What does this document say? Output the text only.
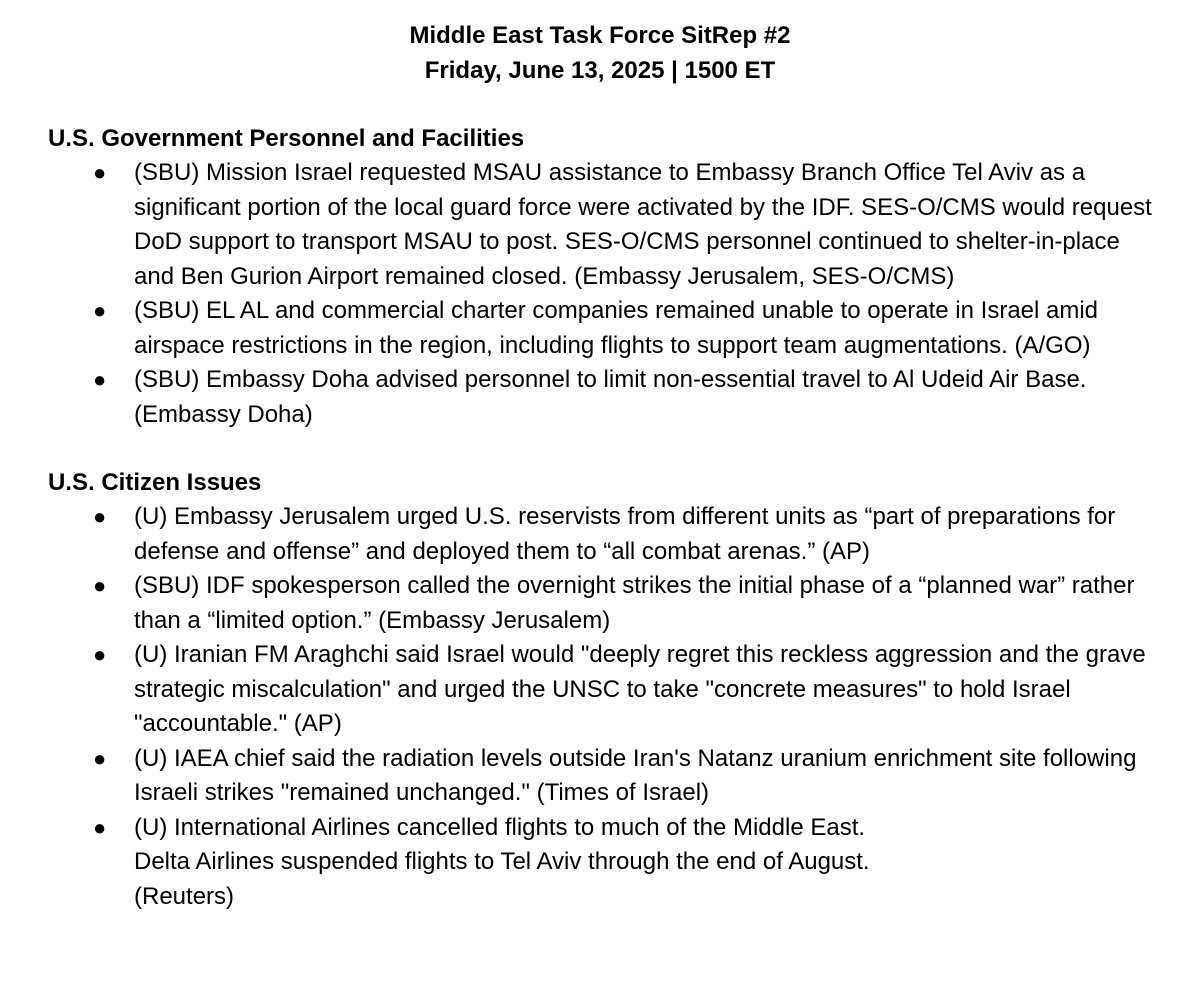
Middle East Task Force SitRep #2
Friday, June 13, 2025 | 1500 ET
U.S. Government Personnel and Facilities
● (SBU) Mission Israel requested MSAU assistance to Embassy Branch Office Tel Aviv as a significant portion of the local guard force were activated by the IDF. SES-O/CMS would request DoD support to transport MSAU to post. SES-O/CMS personnel continued to shelter-in-place and Ben Gurion Airport remained closed. (Embassy Jerusalem, SES-O/CMS)
● (SBU) EL AL and commercial charter companies remained unable to operate in Israel amid airspace restrictions in the region, including flights to support team augmentations. (A/GO)
● (SBU) Embassy Doha advised personnel to limit non-essential travel to Al Udeid Air Base. (Embassy Doha)
U.S. Citizen Issues
● (U) Embassy Jerusalem urged U.S. reservists from different units as “part of preparations for defense and offense” and deployed them to “all combat arenas.” (AP)
● (SBU) IDF spokesperson called the overnight strikes the initial phase of a “planned war” rather than a “limited option.” (Embassy Jerusalem)
● (U) Iranian FM Araghchi said Israel would "deeply regret this reckless aggression and the grave strategic miscalculation" and urged the UNSC to take "concrete measures" to hold Israel "accountable." (AP)
● (U) IAEA chief said the radiation levels outside Iran's Natanz uranium enrichment site following Israeli strikes "remained unchanged." (Times of Israel)
● (U) International Airlines cancelled flights to much of the Middle East.
Delta Airlines suspended flights to Tel Aviv through the end of August.
(Reuters)
